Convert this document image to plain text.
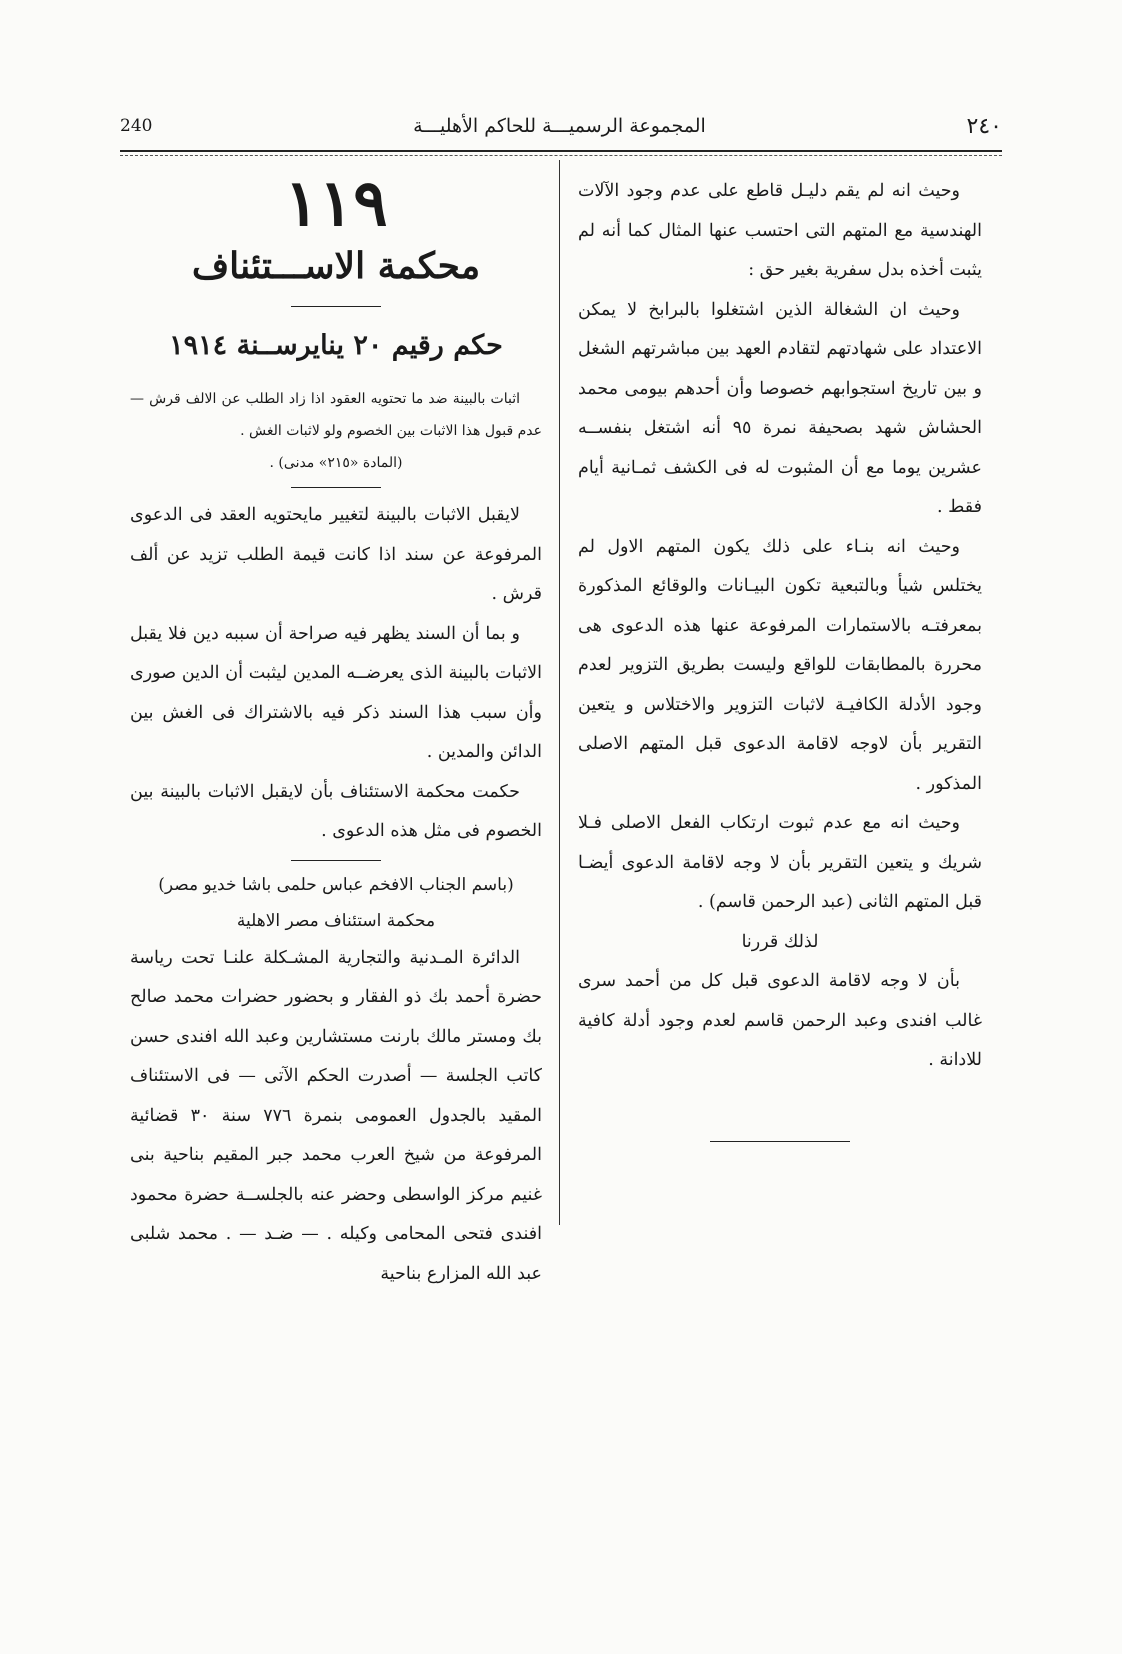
240	المجموعة الرسميـــة للحاكم الأهليـــة	٢٤٠

وحيث انه لم يقم دليـل قاطع على عدم وجود الآلات الهندسية مع المتهم التى احتسب عنها المثال كما أنه لم يثبت أخذه بدل سفرية بغير حق :

وحيث ان الشغالة الذين اشتغلوا بالبرابخ لا يمكن الاعتداد على شهادتهم لتقادم العهد بين مباشرتهم الشغل و بين تاريخ استجوابهم خصوصا وأن أحدهم بيومى محمد الحشاش شهد بصحيفة نمرة ٩٥ أنه اشتغل بنفســه عشرين يوما مع أن المثبوت له فى الكشف ثمـانية أيام فقط .

وحيث انه بنـاء على ذلك يكون المتهم الاول لم يختلس شيأ وبالتبعية تكون البيـانات والوقائع المذكورة بمعرفتـه بالاستمارات المرفوعة عنها هذه الدعوى هى محررة بالمطابقات للواقع وليست بطريق التزوير لعدم وجود الأدلة الكافيـة لاثبات التزوير والاختلاس و يتعين التقرير بأن لاوجه لاقامة الدعوى قبل المتهم الاصلى المذكور .

وحيث انه مع عدم ثبوت ارتكاب الفعل الاصلى فـلا شريك و يتعين التقرير بأن لا وجه لاقامة الدعوى أيضـا قبل المتهم الثانى (عبد الرحمن قاسم) .

لذلك قررنا

بأن لا وجه لاقامة الدعوى قبل كل من أحمد سرى غالب افندى وعبد الرحمن قاسم لعدم وجود أدلة كافية للادانة .

١١٩
محكمة الاســـتئناف
حكم رقيم ٢٠ ينايرســنة ١٩١٤

اثبات بالبينة ضد ما تحتويه العقود اذا زاد الطلب عن الالف قرش — عدم قبول هذا الاثبات بين الخصوم ولو لاثبات الغش .

(المادة «٢١٥» مدنى) .

لايقبل الاثبات بالبينة لتغيير مايحتويه العقد فى الدعوى المرفوعة عن سند اذا كانت قيمة الطلب تزيد عن ألف قرش .

و بما أن السند يظهر فيه صراحة أن سببه دين فلا يقبل الاثبات بالبينة الذى يعرضــه المدين ليثبت أن الدين صورى وأن سبب هذا السند ذكر فيه بالاشتراك فى الغش بين الدائن والمدين .

حكمت محكمة الاستئناف بأن لايقبل الاثبات بالبينة بين الخصوم فى مثل هذه الدعوى .

(باسم الجناب الافخم عباس حلمى باشا خديو مصر)
محكمة استئناف مصر الاهلية

الدائرة المـدنية والتجارية المشـكلة علنـا تحت رياسة حضرة أحمد بك ذو الفقار و بحضور حضرات محمد صالح بك ومستر مالك بارنت مستشارين وعبد الله افندى حسن كاتب الجلسة — أصدرت الحكم الآتى — فى الاستئناف المقيد بالجدول العمومى بنمرة ٧٧٦ سنة ٣٠ قضائية المرفوعة من شيخ العرب محمد جبر المقيم بناحية بنى غنيم مركز الواسطى وحضر عنه بالجلســة حضرة محمود افندى فتحى المحامى وكيله . — ضـد — . محمد شلبى عبد الله المزارع بناحية
